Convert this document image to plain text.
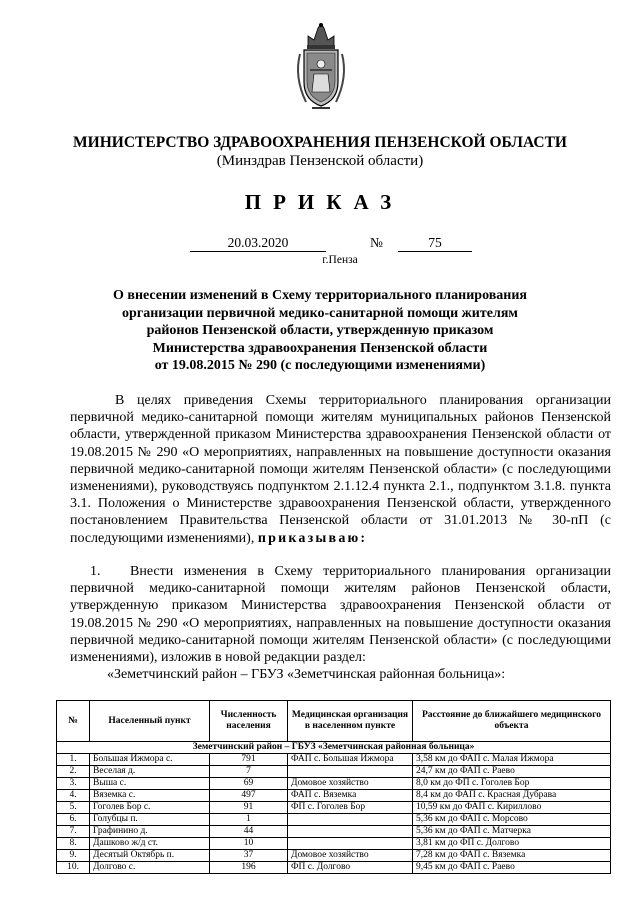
МИНИСТЕРСТВО ЗДРАВООХРАНЕНИЯ ПЕНЗЕНСКОЙ ОБЛАСТИ
(Минздрав Пензенской области)
ПРИКАЗ
20.03.2020	№	75
г.Пенза
О внесении изменений в Схему территориального планирования
организации первичной медико-санитарной помощи жителям
районов Пензенской области, утвержденную приказом
Министерства здравоохранения Пензенской области
от 19.08.2015 № 290 (с последующими изменениями)
В целях приведения Схемы территориального планирования организации первичной медико-санитарной помощи жителям муниципальных районов Пензенской области, утвержденной приказом Министерства здравоохранения Пензенской области от 19.08.2015 № 290 «О мероприятиях, направленных на повышение доступности оказания первичной медико-санитарной помощи жителям Пензенской области» (с последующими изменениями), руководствуясь подпунктом 2.1.12.4 пункта 2.1., подпунктом 3.1.8. пункта 3.1. Положения о Министерстве здравоохранения Пензенской области, утвержденного постановлением Правительства Пензенской области от 31.01.2013 № 30-пП (с последующими изменениями), приказываю:
1. Внести изменения в Схему территориального планирования организации первичной медико-санитарной помощи жителям районов Пензенской области, утвержденную приказом Министерства здравоохранения Пензенской области от 19.08.2015 № 290 «О мероприятиях, направленных на повышение доступности оказания первичной медико-санитарной помощи жителям Пензенской области» (с последующими изменениями), изложив в новой редакции раздел:
«Земетчинский район – ГБУЗ «Земетчинская районная больница»:
№	Населенный пункт	Численность населения	Медицинская организация в населенном пункте	Расстояние до ближайшего медицинского объекта
Земетчинский район – ГБУЗ «Земетчинская районная больница»				
1.	Большая Ижмора с.	791	ФАП с. Большая Ижмора	3,58 км до ФАП с. Малая Ижмора
2.	Веселая д.	7		24,7 км до ФАП с. Раево
3.	Выша с.	69	Домовое хозяйство	8,0 км до ФП с. Гоголев Бор
4.	Вяземка с.	497	ФАП с. Вяземка	8,4 км до ФАП с. Красная Дубрава
5.	Гоголев Бор с.	91	ФП с. Гоголев Бор	10,59 км до ФАП с. Кириллово
6.	Голубцы п.	1		5,36 км до ФАП с. Морсово
7.	Графинино д.	44		5,36 км до ФАП с. Матчерка
8.	Дашково ж/д ст.	10		3,81 км до ФП с. Долгово
9.	Десятый Октябрь п.	37	Домовое хозяйство	7,28 км до ФАП с. Вяземка
10.	Долгово с.	196	ФП с. Долгово	9,45 км до ФАП с. Раево
